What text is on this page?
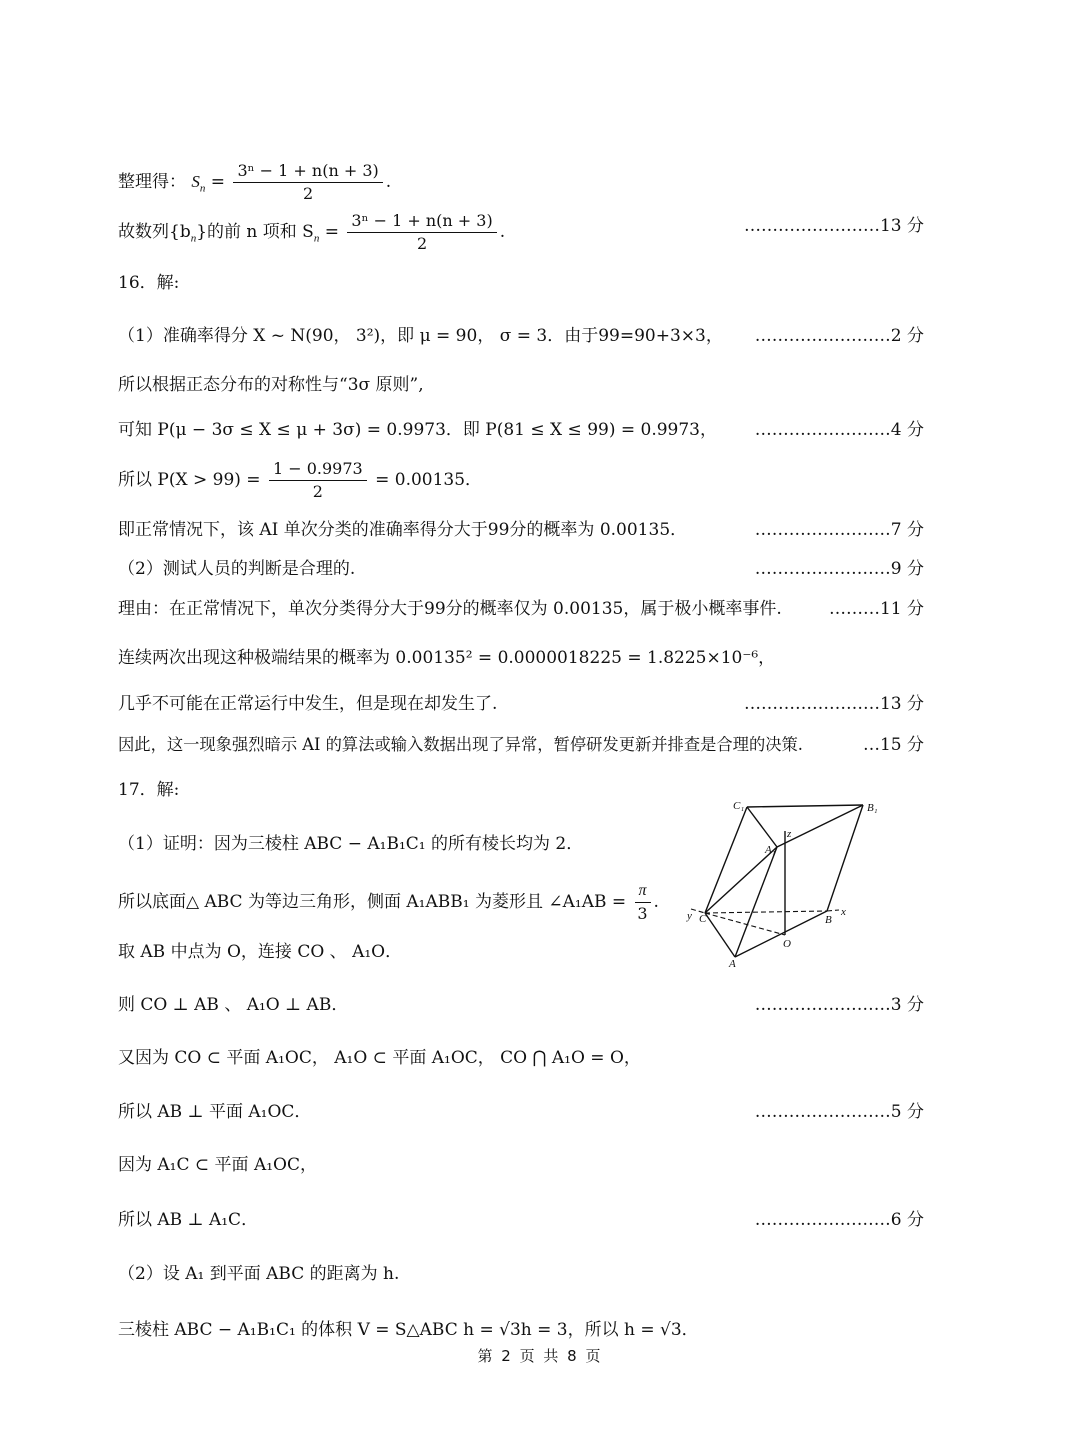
整理得： $S_n = \frac{\text{3ⁿ − 1 + n(n + 3)}}{2}$ .
故数列$\{b_n\}$的前 n 项和 $S_n = \frac{\text{3ⁿ − 1 + n(n + 3)}}{2}$ .	……………………13 分
16．解:
（1）准确率得分 X ~ N(90， 3²)，即 μ = 90， σ = 3．由于99=90+3×3， ……………………2 分
所以根据正态分布的对称性与“3σ 原则”,
可知 P(μ − 3σ ≤ X ≤ μ + 3σ) = 0.9973．即 P(81 ≤ X ≤ 99) = 0.9973， ……………………4 分
所以 $P(X > 99) = \frac{1 - 0.9973}{2} = 0.00135$．
即正常情况下，该 AI 单次分类的准确率得分大于99分的概率为 0.00135．	……………………7 分
（2）测试人员的判断是合理的.	……………………9 分
理由：在正常情况下，单次分类得分大于99分的概率仅为 0.00135，属于极小概率事件.	………11 分
连续两次出现这种极端结果的概率为 0.00135² = 0.0000018225 = 1.8225×10⁻⁶，
几乎不可能在正常运行中发生，但是现在却发生了.	……………………13 分
因此，这一现象强烈暗示 AI 的算法或输入数据出现了异常，暂停研发更新并排查是合理的决策.	…15 分
17．解:
（1）证明：因为三棱柱 ABC − A₁B₁C₁ 的所有棱长均为 2．
所以底面△ ABC 为等边三角形，侧面 A₁ABB₁ 为菱形且 ∠A₁AB = $\frac{\pi}{3}$ .
取 AB 中点为 O，连接 CO 、 A₁O．
则 CO ⊥ AB 、 A₁O ⊥ AB．	……………………3 分
又因为 CO ⊂ 平面 A₁OC， A₁O ⊂ 平面 A₁OC， CO ⋂ A₁O = O，
所以 AB ⊥ 平面 A₁OC．	……………………5 分
因为 A₁C ⊂ 平面 A₁OC，
所以 AB ⊥ A₁C．	……………………6 分
（2）设 A₁ 到平面 ABC 的距离为 h.
三棱柱 ABC − A₁B₁C₁ 的体积 V = S△ABC h = √3h = 3，所以 h = √3．
C₁	B₁
A₁
z
y C	B
x
O
A
第 2 页 共 8 页
